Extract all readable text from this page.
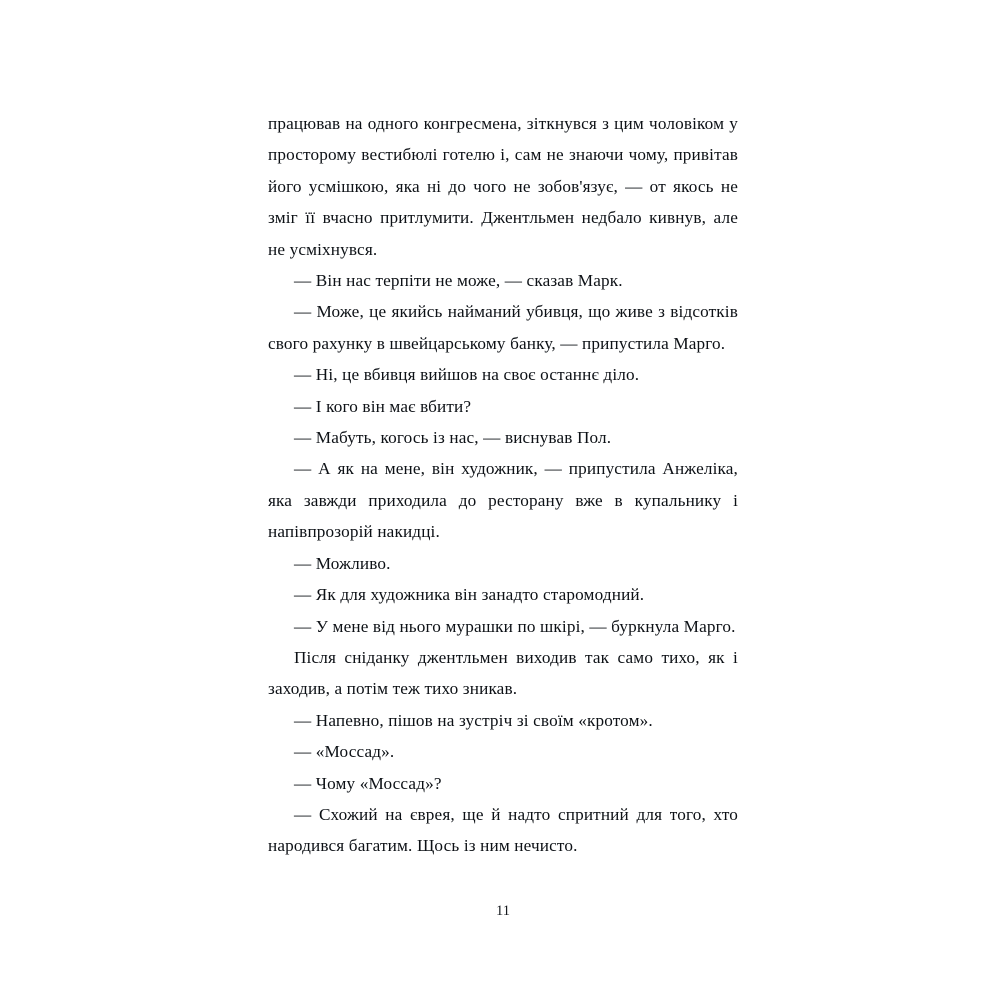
працював на одного конгресмена, зіткнувся з цим чоловіком у просторому вестибюлі готелю і, сам не знаючи чому, привітав його усмішкою, яка ні до чого не зобов'язує, — от якось не зміг її вчасно притлумити. Джентльмен недбало кивнув, але не усміхнувся.

— Він нас терпіти не може, — сказав Марк.

— Може, це якийсь найманий убивця, що живе з відсотків свого рахунку в швейцарському банку, — припустила Марго.

— Ні, це вбивця вийшов на своє останнє діло.

— І кого він має вбити?

— Мабуть, когось із нас, — виснував Пол.

— А як на мене, він художник, — припустила Анжеліка, яка завжди приходила до ресторану вже в купальнику і напівпрозорій накидці.

— Можливо.

— Як для художника він занадто старомодний.

— У мене від нього мурашки по шкірі, — буркнула Марго.

Після сніданку джентльмен виходив так само тихо, як і заходив, а потім теж тихо зникав.

— Напевно, пішов на зустріч зі своїм «кротом».

— «Моссад».

— Чому «Моссад»?

— Схожий на єврея, ще й надто спритний для того, хто народився багатим. Щось із ним нечисто.

11
